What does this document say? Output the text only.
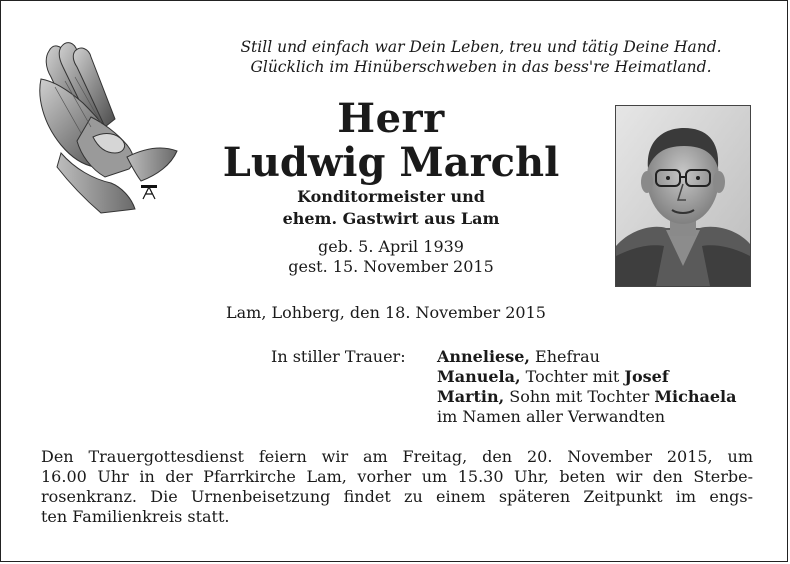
Still und einfach war Dein Leben, treu und tätig Deine Hand.
Glücklich im Hinüberschweben in das bess're Heimatland.
Herr
Ludwig Marchl
Konditormeister und
ehem. Gastwirt aus Lam
geb. 5. April 1939
gest. 15. November 2015
Lam, Lohberg, den 18. November 2015
In stiller Trauer: Anneliese, Ehefrau
Manuela, Tochter mit Josef
Martin, Sohn mit Tochter Michaela
im Namen aller Verwandten
Den Trauergottesdienst feiern wir am Freitag, den 20. November 2015, um
16.00 Uhr in der Pfarrkirche Lam, vorher um 15.30 Uhr, beten wir den Sterbe-
rosenkranz. Die Urnenbeisetzung findet zu einem späteren Zeitpunkt im engs-
ten Familienkreis statt.
